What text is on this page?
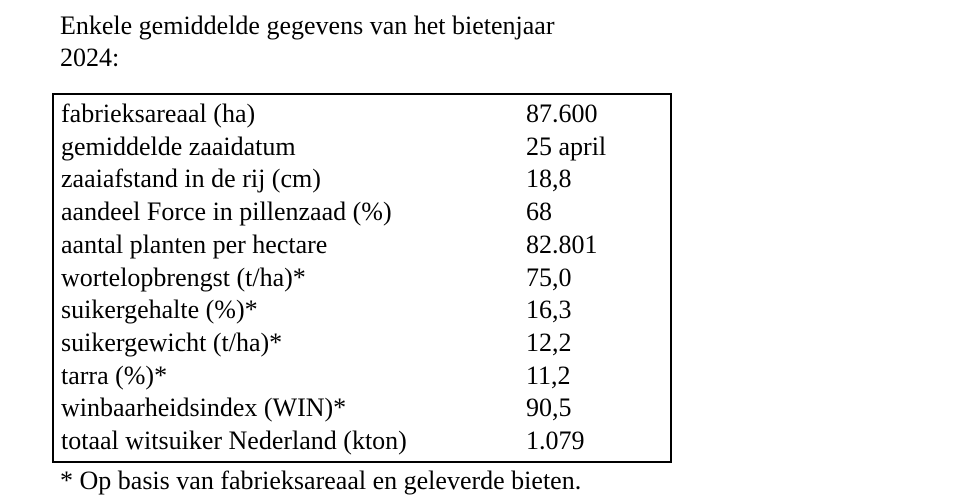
Enkele gemiddelde gegevens van het bietenjaar
2024:
fabrieksareaal (ha)	87.600
gemiddelde zaaidatum	25 april
zaaiafstand in de rij (cm)	18,8
aandeel Force in pillenzaad (%)	68
aantal planten per hectare	82.801
wortelopbrengst (t/ha)*	75,0
suikergehalte (%)*	16,3
suikergewicht (t/ha)*	12,2
tarra (%)*	11,2
winbaarheidsindex (WIN)*	90,5
totaal witsuiker Nederland (kton)	1.079

* Op basis van fabrieksareaal en geleverde bieten.
